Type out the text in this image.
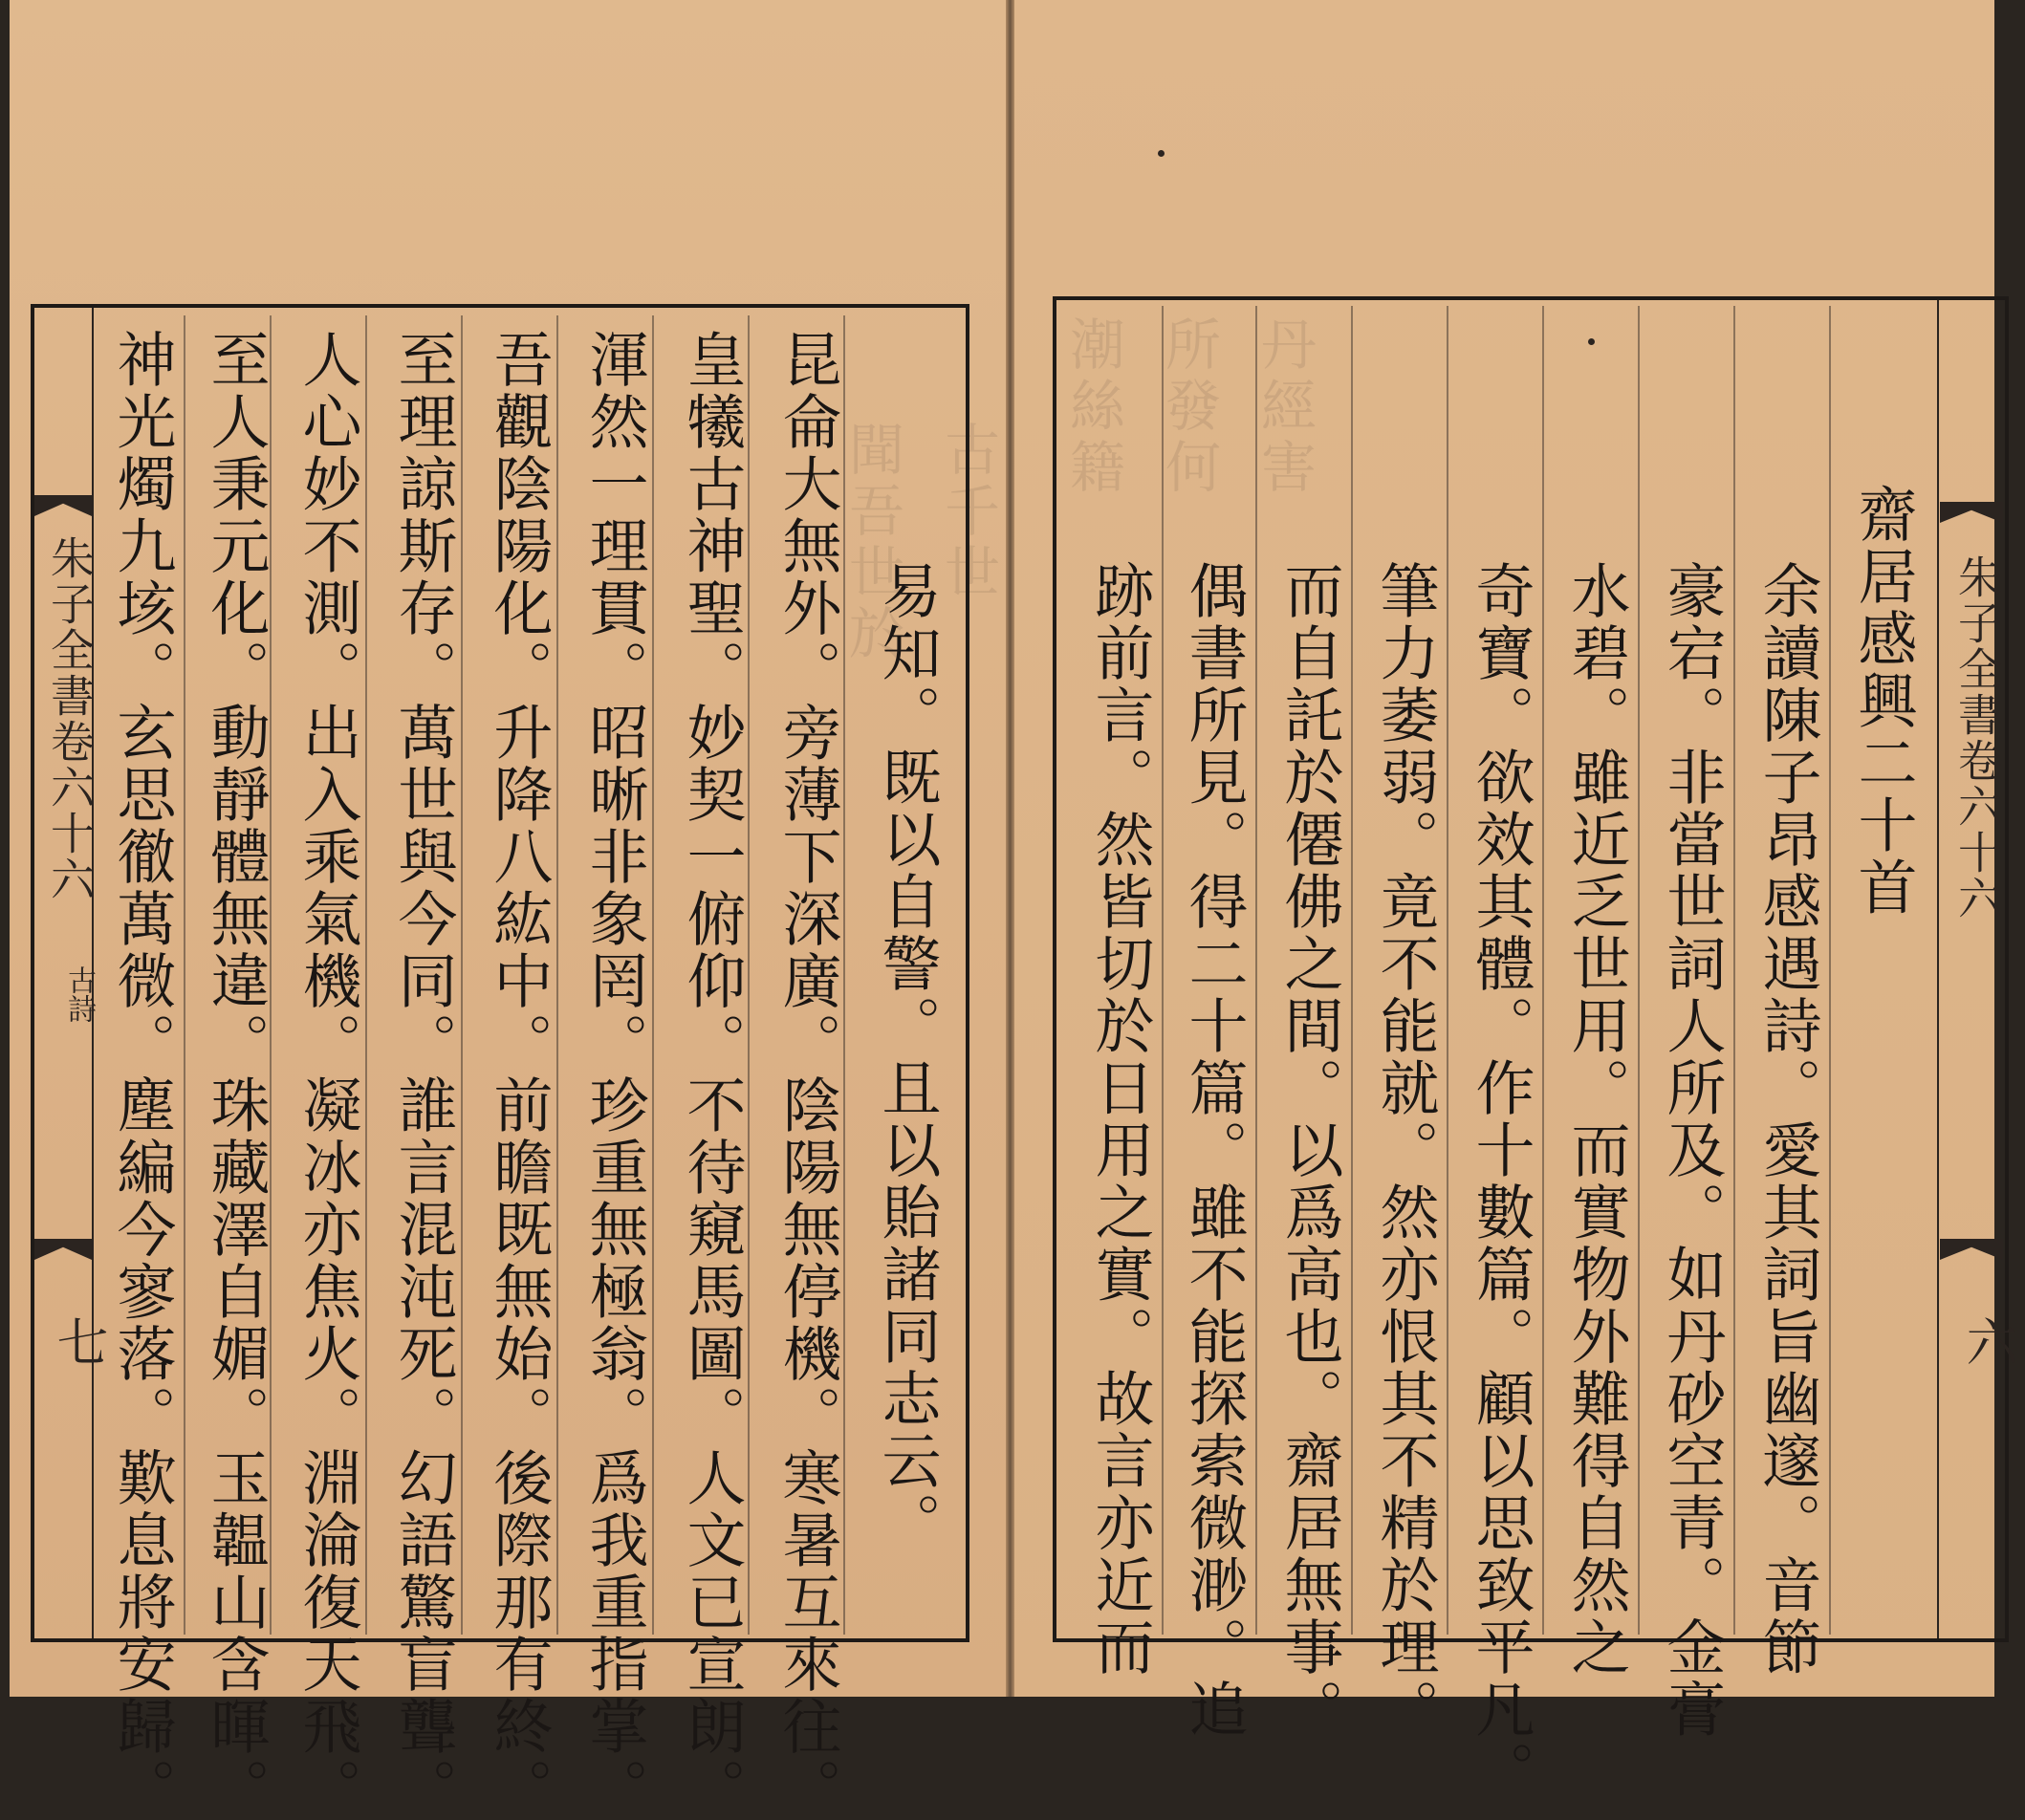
聞吾世於 古千世
朱子全書卷六十六
古詩
七	易知。既以自警。且以貽諸同志云。
昆侖大無外。旁薄下深廣。陰陽無停機。寒暑互來往。
皇犧古神聖。妙契一俯仰。不待窺馬圖。人文已宣朗。
渾然一理貫。昭晰非象罔。珍重無極翁。爲我重指掌。
吾觀陰陽化。升降八紘中。前瞻既無始。後際那有終。
至理諒斯存。萬世與今同。誰言混沌死。幻語驚盲聾。
人心妙不測。出入乘氣機。凝冰亦焦火。淵淪復天飛。
至人秉元化。動靜體無違。珠藏澤自媚。玉韞山含暉。
神光燭九垓。玄思徹萬微。塵編今寥落。歎息將安歸。	潮絲籍 所發何 丹經害
朱子全書卷六十六
六
齋居感興二十首
余讀陳子昂感遇詩。愛其詞旨幽邃。音節
豪宕。非當世詞人所及。如丹砂空青。金膏
水碧。雖近乏世用。而實物外難得自然之
奇寶。欲效其體。作十數篇。顧以思致平凡。
筆力萎弱。竟不能就。然亦恨其不精於理。
而自託於僊佛之間。以爲高也。齋居無事。
偶書所見。得二十篇。雖不能探索微渺。追
跡前言。然皆切於日用之實。故言亦近而
